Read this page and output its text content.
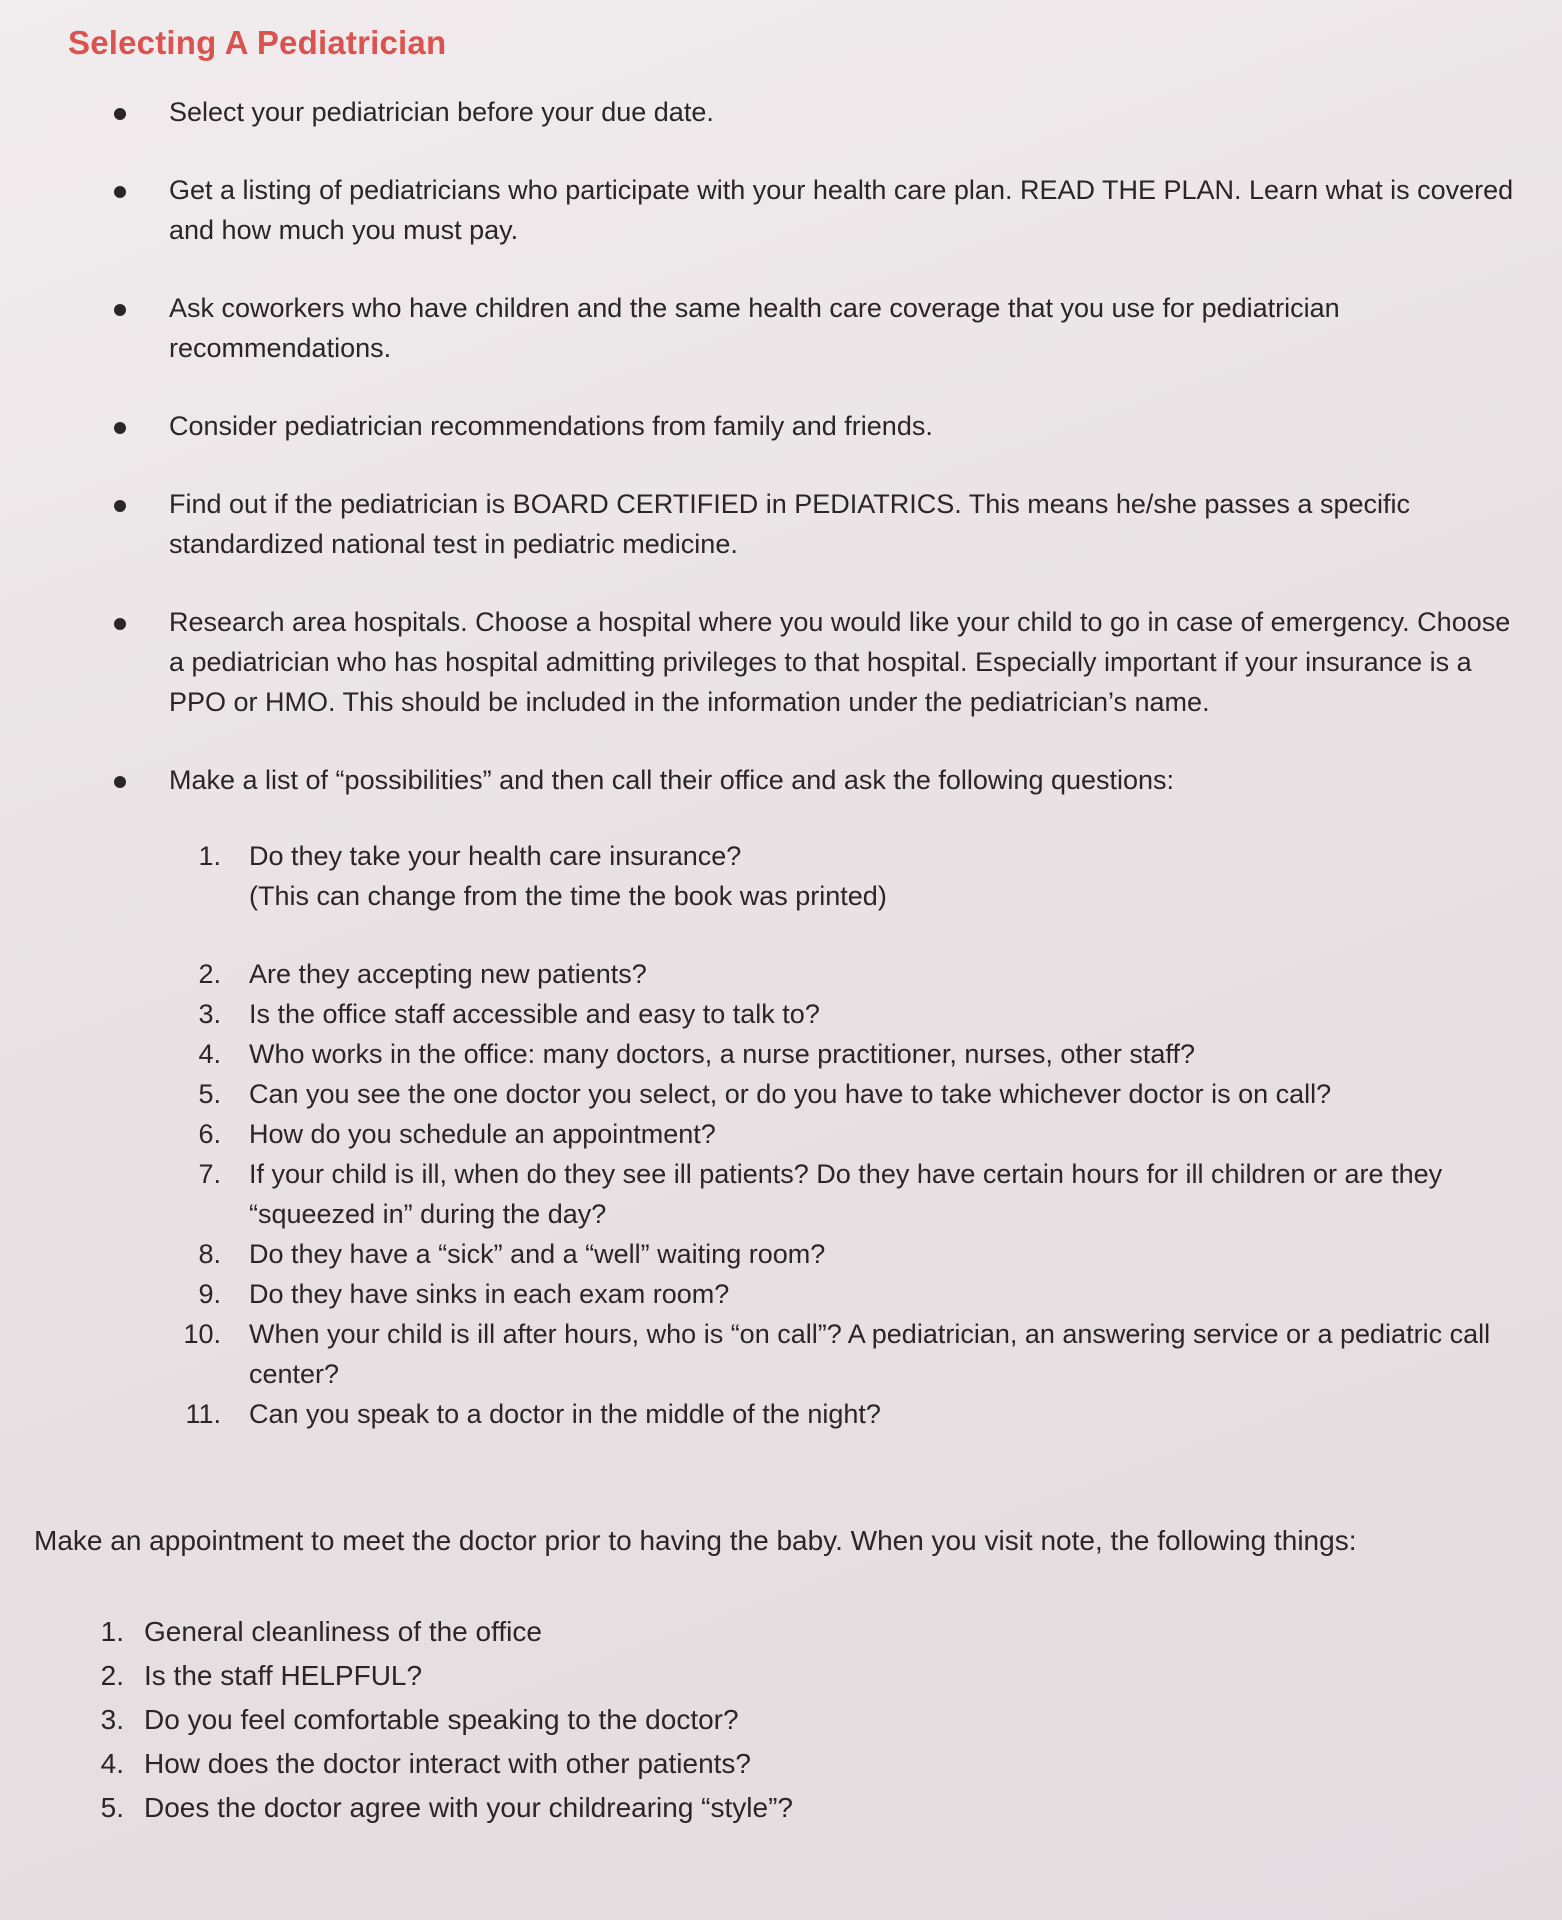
Selecting A Pediatrician
Select your pediatrician before your due date.
Get a listing of pediatricians who participate with your health care plan. READ THE PLAN. Learn what is covered and how much you must pay.
Ask coworkers who have children and the same health care coverage that you use for pediatrician recommendations.
Consider pediatrician recommendations from family and friends.
Find out if the pediatrician is BOARD CERTIFIED in PEDIATRICS. This means he/she passes a specific standardized national test in pediatric medicine.
Research area hospitals. Choose a hospital where you would like your child to go in case of emergency. Choose a pediatrician who has hospital admitting privileges to that hospital. Especially important if your insurance is a PPO or HMO. This should be included in the information under the pediatrician’s name.
Make a list of “possibilities” and then call their office and ask the following questions:
1. Do they take your health care insurance?
(This can change from the time the book was printed)
2. Are they accepting new patients?
3. Is the office staff accessible and easy to talk to?
4. Who works in the office: many doctors, a nurse practitioner, nurses, other staff?
5. Can you see the one doctor you select, or do you have to take whichever doctor is on call?
6. How do you schedule an appointment?
7. If your child is ill, when do they see ill patients? Do they have certain hours for ill children or are they “squeezed in” during the day?
8. Do they have a “sick” and a “well” waiting room?
9. Do they have sinks in each exam room?
10. When your child is ill after hours, who is “on call”? A pediatrician, an answering service or a pediatric call center?
11. Can you speak to a doctor in the middle of the night?

Make an appointment to meet the doctor prior to having the baby. When you visit note, the following things:

1. General cleanliness of the office
2. Is the staff HELPFUL?
3. Do you feel comfortable speaking to the doctor?
4. How does the doctor interact with other patients?
5. Does the doctor agree with your childrearing “style”?
